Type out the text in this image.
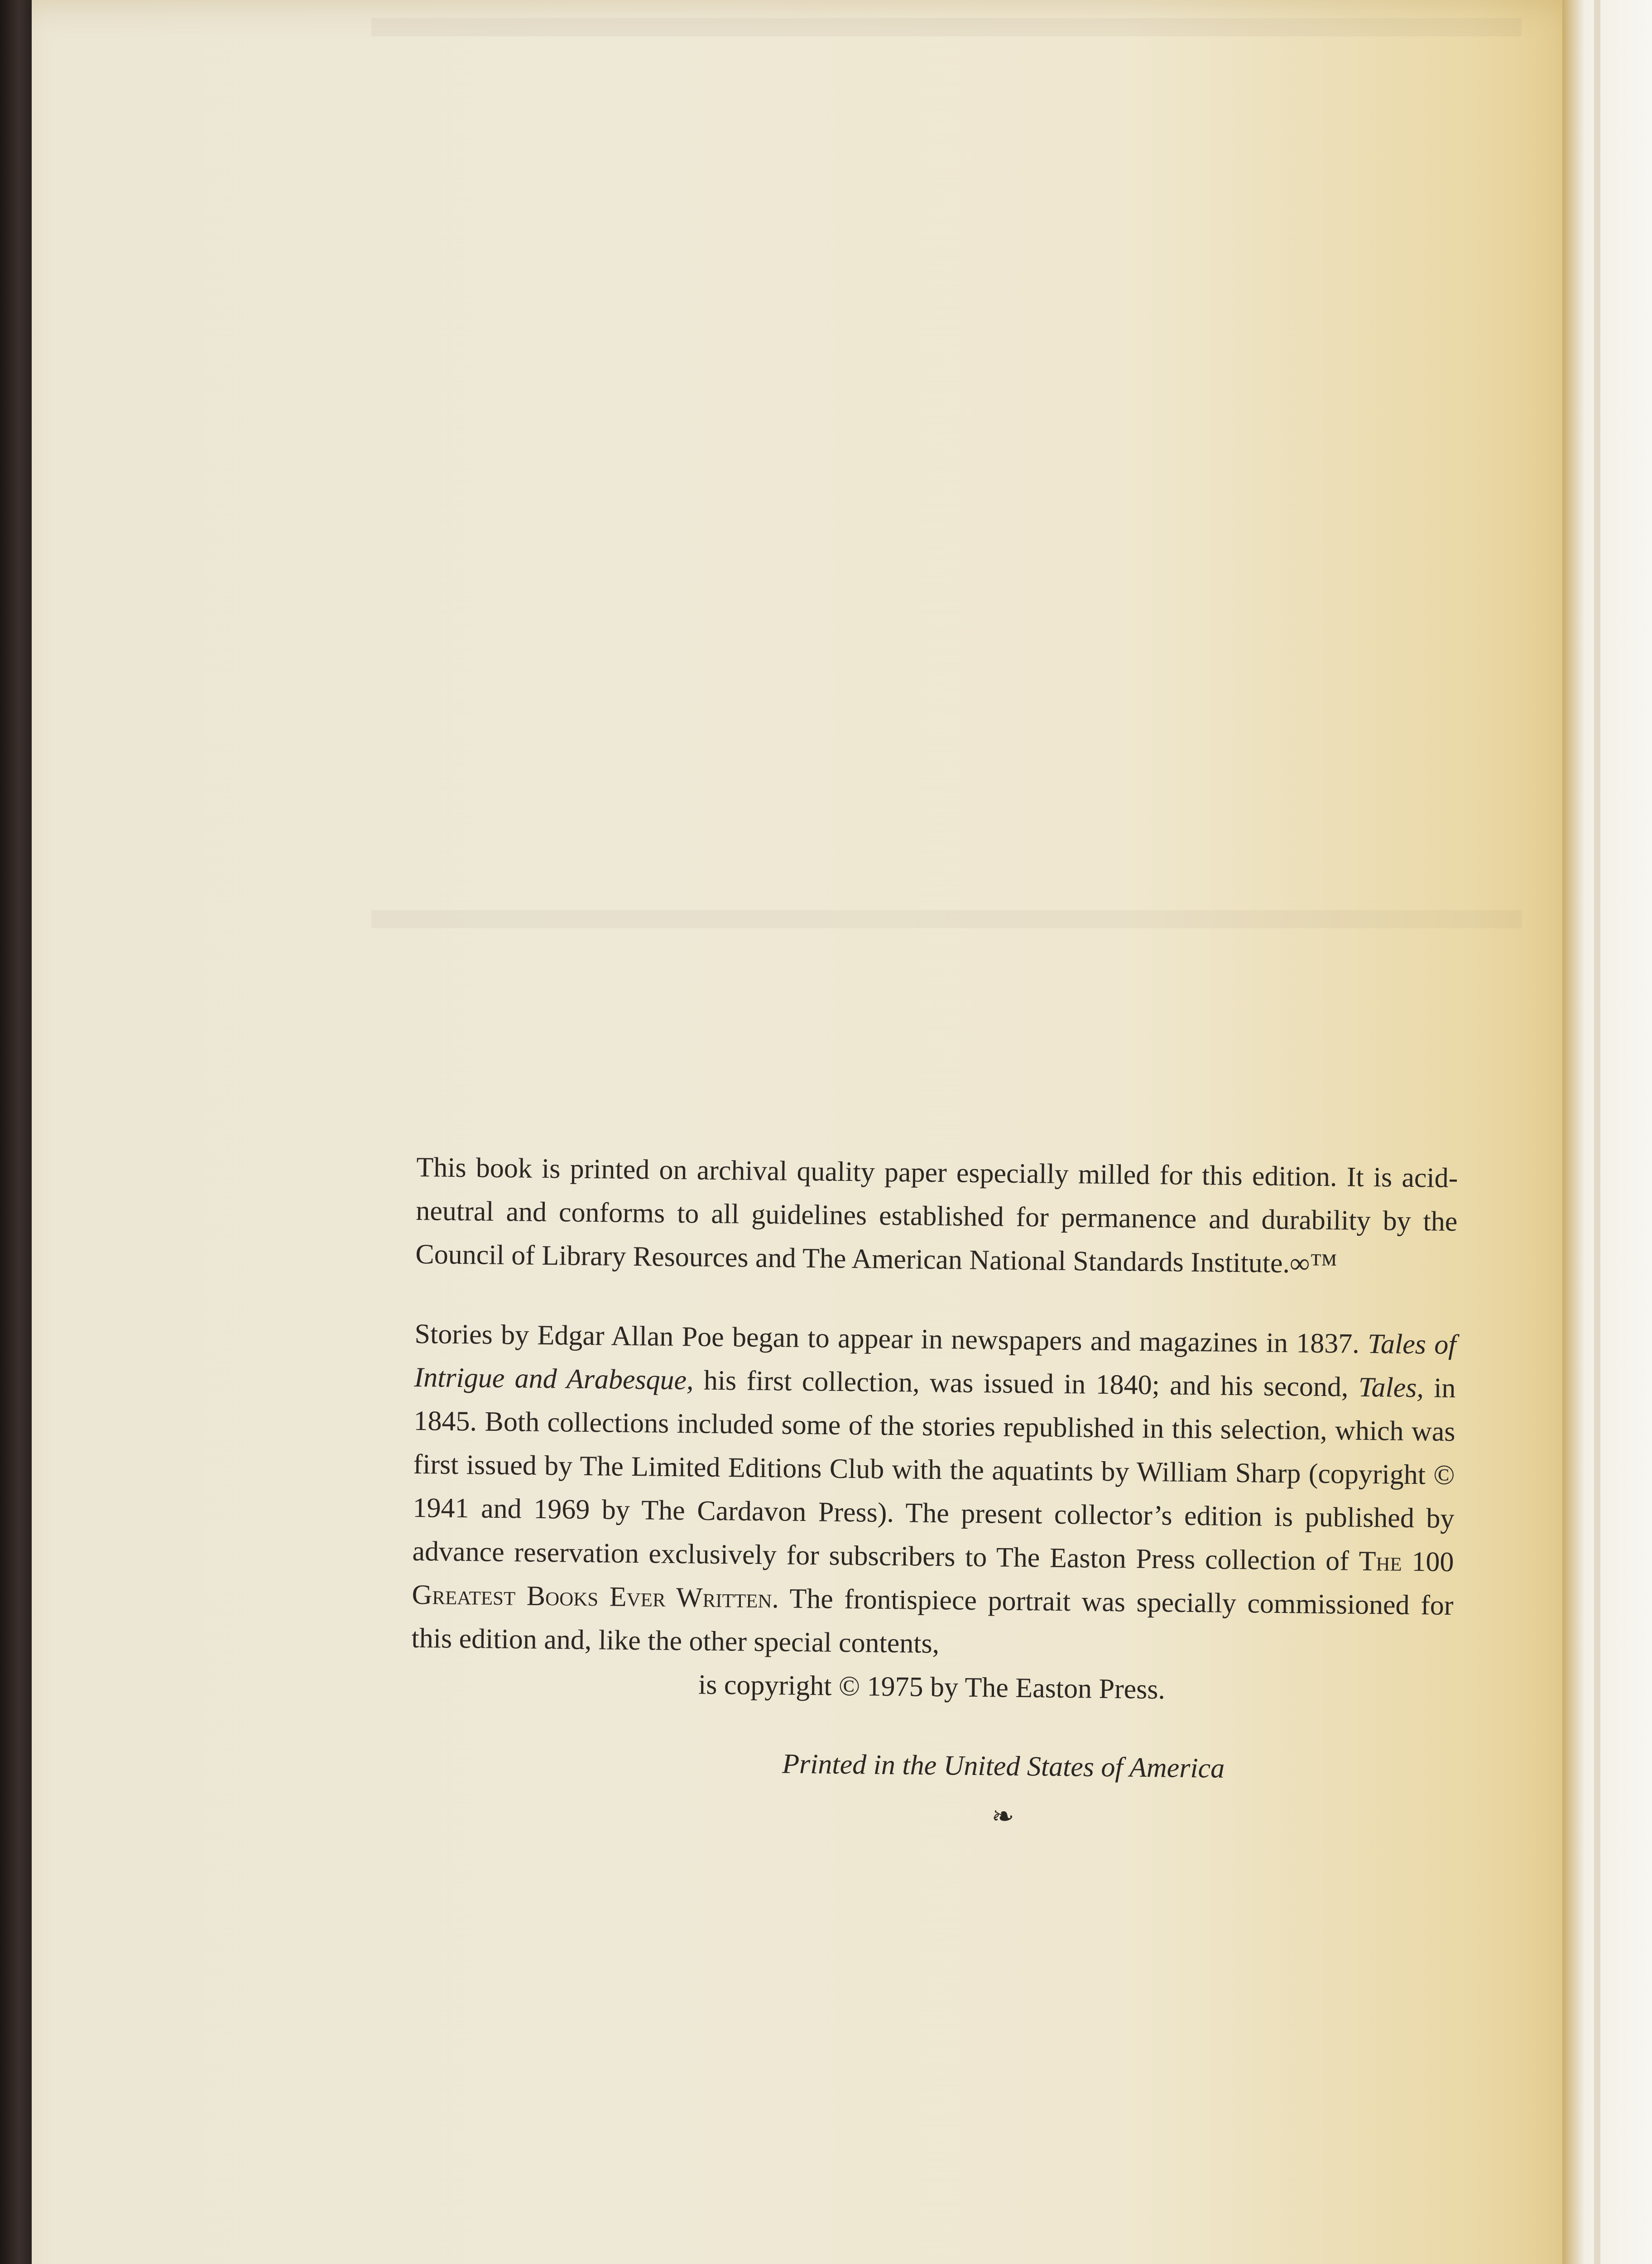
This book is printed on archival quality paper especially milled for this edition. It is acid-neutral and conforms to all guidelines established for permanence and durability by the Council of Library Resources and The American National Standards Institute.∞™

Stories by Edgar Allan Poe began to appear in newspapers and magazines in 1837. Tales of Intrigue and Arabesque, his first collection, was issued in 1840; and his second, Tales, in 1845. Both collections included some of the stories republished in this selection, which was first issued by The Limited Editions Club with the aquatints by William Sharp (copyright © 1941 and 1969 by The Cardavon Press). The present collector’s edition is published by advance reservation exclusively for subscribers to The Easton Press collection of The 100 Greatest Books Ever Written. The frontispiece portrait was specially commissioned for this edition and, like the other special contents,
is copyright © 1975 by The Easton Press.

Printed in the United States of America
❧
